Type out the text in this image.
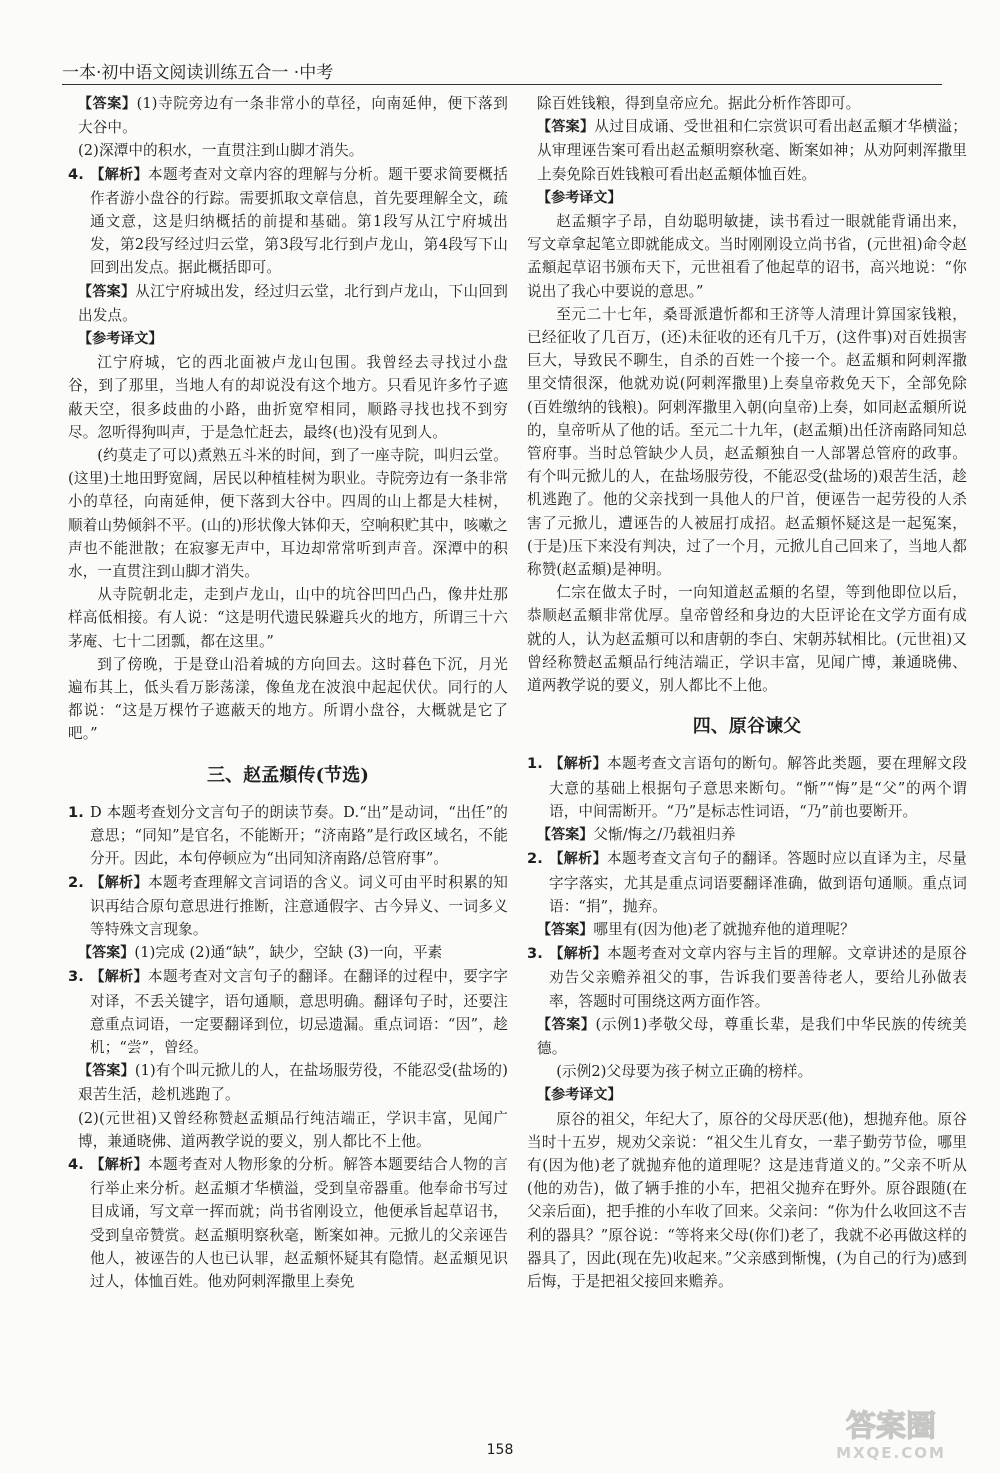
一本·初中语文阅读训练五合一 ·中考

【答案】(1)寺院旁边有一条非常小的草径，向南延伸，便下落到大谷中。

(2)深潭中的积水，一直贯注到山脚才消失。

4. 【解析】本题考查对文章内容的理解与分析。题干要求简要概括作者游小盘谷的行踪。需要抓取文章信息，首先要理解全文，疏通文意，这是归纳概括的前提和基础。第1段写从江宁府城出发，第2段写经过归云堂，第3段写北行到卢龙山，第4段写下山回到出发点。据此概括即可。

【答案】从江宁府城出发，经过归云堂，北行到卢龙山，下山回到出发点。

【参考译文】

江宁府城，它的西北面被卢龙山包围。我曾经去寻找过小盘谷，到了那里，当地人有的却说没有这个地方。只看见许多竹子遮蔽天空，很多歧曲的小路，曲折宽窄相同，顺路寻找也找不到穷尽。忽听得狗叫声，于是急忙赶去，最终(也)没有见到人。

(约莫走了可以)煮熟五斗米的时间，到了一座寺院，叫归云堂。(这里)土地田野宽阔，居民以种植桂树为职业。寺院旁边有一条非常小的草径，向南延伸，便下落到大谷中。四周的山上都是大桂树，顺着山势倾斜不平。(山的)形状像大钵仰天，空响积贮其中，咳嗽之声也不能泄散；在寂寥无声中，耳边却常常听到声音。深潭中的积水，一直贯注到山脚才消失。

从寺院朝北走，走到卢龙山，山中的坑谷凹凹凸凸，像井灶那样高低相接。有人说：“这是明代遗民躲避兵火的地方，所谓三十六茅庵、七十二团瓢，都在这里。”

到了傍晚，于是登山沿着城的方向回去。这时暮色下沉，月光遍布其上，低头看万影荡漾，像鱼龙在波浪中起起伏伏。同行的人都说：“这是万棵竹子遮蔽天的地方。所谓小盘谷，大概就是它了吧。”

三、赵孟頫传(节选)

1. D 本题考查划分文言句子的朗读节奏。D.“出”是动词，“出任”的意思；“同知”是官名，不能断开；“济南路”是行政区域名，不能分开。因此，本句停顿应为“出同知济南路/总管府事”。

2. 【解析】本题考查理解文言词语的含义。词义可由平时积累的知识再结合原句意思进行推断，注意通假字、古今异义、一词多义等特殊文言现象。

【答案】(1)完成 (2)通“缺”，缺少，空缺 (3)一向，平素

3. 【解析】本题考查对文言句子的翻译。在翻译的过程中，要字字对译，不丢关键字，语句通顺，意思明确。翻译句子时，还要注意重点词语，一定要翻译到位，切忌遗漏。重点词语：“因”，趁机；“尝”，曾经。

【答案】(1)有个叫元掀儿的人，在盐场服劳役，不能忍受(盐场的)艰苦生活，趁机逃跑了。

(2)(元世祖)又曾经称赞赵孟頫品行纯洁端正，学识丰富，见闻广博，兼通晓佛、道两教学说的要义，别人都比不上他。

4. 【解析】本题考查对人物形象的分析。解答本题要结合人物的言行举止来分析。赵孟頫才华横溢，受到皇帝器重。他奉命书写过目成诵，写文章一挥而就；尚书省刚设立，他便承旨起草诏书，受到皇帝赞赏。赵孟頫明察秋毫，断案如神。元掀儿的父亲诬告他人，被诬告的人也已认罪，赵孟頫怀疑其有隐情。赵孟頫见识过人，体恤百姓。他劝阿剌浑撒里上奏免

除百姓钱粮，得到皇帝应允。据此分析作答即可。

【答案】从过目成诵、受世祖和仁宗赏识可看出赵孟頫才华横溢；从审理诬告案可看出赵孟頫明察秋毫、断案如神；从劝阿剌浑撒里上奏免除百姓钱粮可看出赵孟頫体恤百姓。

【参考译文】

赵孟頫字子昂，自幼聪明敏捷，读书看过一眼就能背诵出来，写文章拿起笔立即就能成文。当时刚刚设立尚书省，(元世祖)命令赵孟頫起草诏书颁布天下，元世祖看了他起草的诏书，高兴地说：“你说出了我心中要说的意思。”

至元二十七年，桑哥派遣忻都和王济等人清理计算国家钱粮，已经征收了几百万，(还)未征收的还有几千万，(这件事)对百姓损害巨大，导致民不聊生，自杀的百姓一个接一个。赵孟頫和阿剌浑撒里交情很深，他就劝说(阿剌浑撒里)上奏皇帝救免天下，全部免除(百姓缴纳的钱粮)。阿剌浑撒里入朝(向皇帝)上奏，如同赵孟頫所说的，皇帝听从了他的话。至元二十九年，(赵孟頫)出任济南路同知总管府事。当时总管缺少人员，赵孟頫独自一人部署总管府的政事。有个叫元掀儿的人，在盐场服劳役，不能忍受(盐场的)艰苦生活，趁机逃跑了。他的父亲找到一具他人的尸首，便诬告一起劳役的人杀害了元掀儿，遭诬告的人被屈打成招。赵孟頫怀疑这是一起冤案，(于是)压下来没有判决，过了一个月，元掀儿自己回来了，当地人都称赞(赵孟頫)是神明。

仁宗在做太子时，一向知道赵孟頫的名望，等到他即位以后，恭顺赵孟頫非常优厚。皇帝曾经和身边的大臣评论在文学方面有成就的人，认为赵孟頫可以和唐朝的李白、宋朝苏轼相比。(元世祖)又曾经称赞赵孟頫品行纯洁端正，学识丰富，见闻广博，兼通晓佛、道两教学说的要义，别人都比不上他。

四、原谷谏父

1. 【解析】本题考查文言语句的断句。解答此类题，要在理解文段大意的基础上根据句子意思来断句。“惭”“悔”是“父”的两个谓语，中间需断开。“乃”是标志性词语，“乃”前也要断开。

【答案】父惭/悔之/乃载祖归养

2. 【解析】本题考查文言句子的翻译。答题时应以直译为主，尽量字字落实，尤其是重点词语要翻译准确，做到语句通顺。重点词语：“捐”，抛弃。

【答案】哪里有(因为他)老了就抛弃他的道理呢？

3. 【解析】本题考查对文章内容与主旨的理解。文章讲述的是原谷劝告父亲赡养祖父的事，告诉我们要善待老人，要给儿孙做表率，答题时可围绕这两方面作答。

【答案】(示例1)孝敬父母，尊重长辈，是我们中华民族的传统美德。

(示例2)父母要为孩子树立正确的榜样。

【参考译文】

原谷的祖父，年纪大了，原谷的父母厌恶(他)，想抛弃他。原谷当时十五岁，规劝父亲说：“祖父生儿育女，一辈子勤劳节俭，哪里有(因为他)老了就抛弃他的道理呢？这是违背道义的。”父亲不听从(他的劝告)，做了辆手推的小车，把祖父抛弃在野外。原谷跟随(在父亲后面)，把手推的小车收了回来。父亲问：“你为什么收回这不吉利的器具？”原谷说：“等将来父母(你们)老了，我就不必再做这样的器具了，因此(现在先)收起来。”父亲感到惭愧，(为自己的行为)感到后悔，于是把祖父接回来赡养。

158
答案圈
MXQE.COM
